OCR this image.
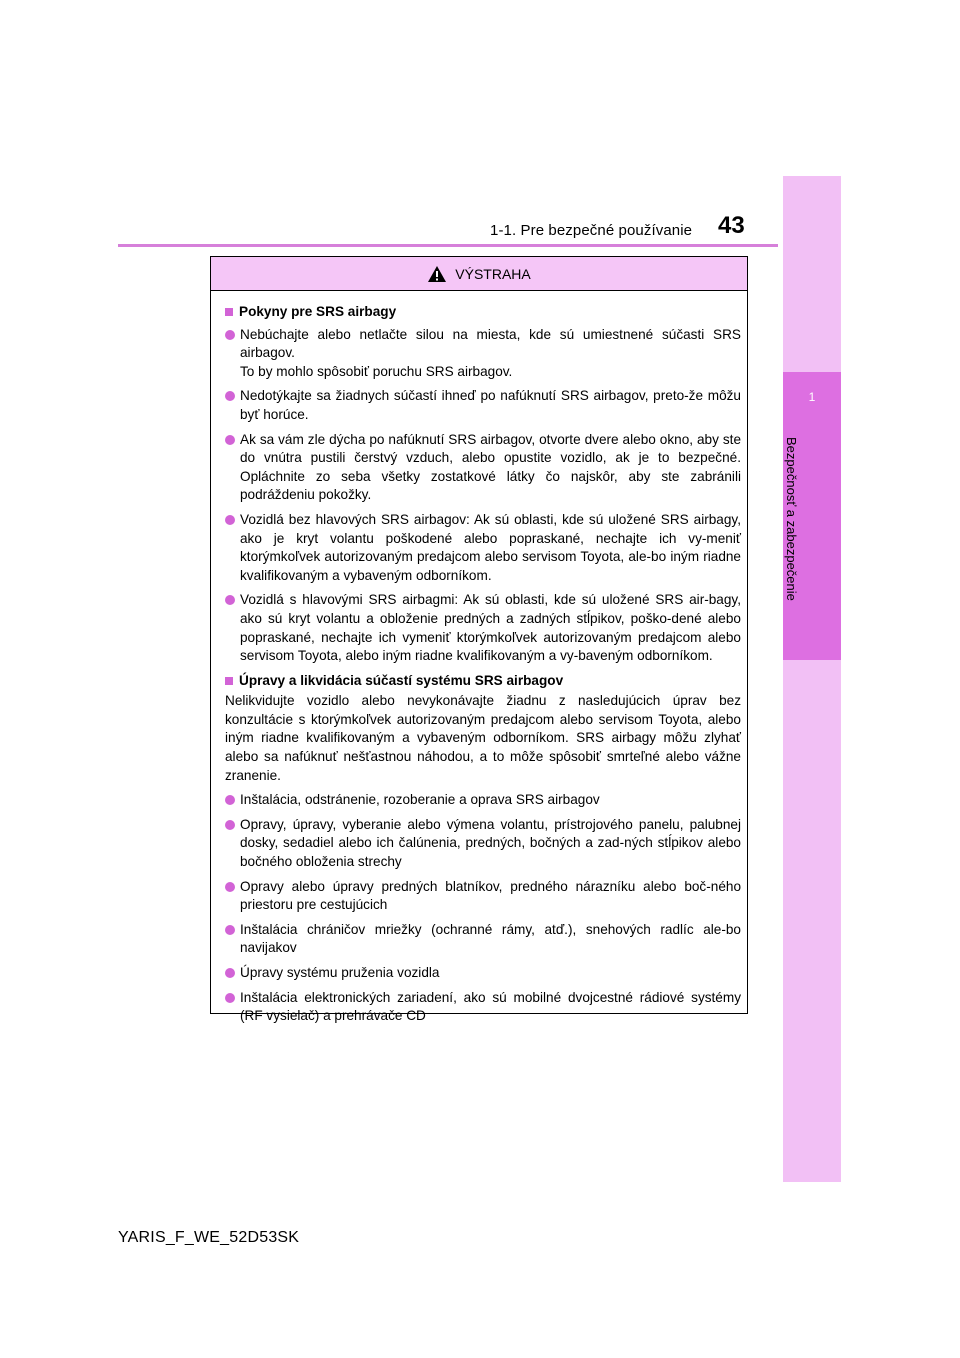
1-1. Pre bezpečné používanie 43
1
Bezpečnosť a zabezpečenie
VÝSTRAHA
Pokyny pre SRS airbagy
Nebúchajte alebo netlačte silou na miesta, kde sú umiestnené súčasti SRS airbagov.
To by mohlo spôsobiť poruchu SRS airbagov.
Nedotýkajte sa žiadnych súčastí ihneď po nafúknutí SRS airbagov, preto-že môžu byť horúce.
Ak sa vám zle dýcha po nafúknutí SRS airbagov, otvorte dvere alebo okno, aby ste do vnútra pustili čerstvý vzduch, alebo opustite vozidlo, ak je to bezpečné. Opláchnite zo seba všetky zostatkové látky čo najskôr, aby ste zabránili podráždeniu pokožky.
Vozidlá bez hlavových SRS airbagov: Ak sú oblasti, kde sú uložené SRS airbagy, ako je kryt volantu poškodené alebo popraskané, nechajte ich vy-meniť ktorýmkoľvek autorizovaným predajcom alebo servisom Toyota, ale-bo iným riadne kvalifikovaným a vybaveným odborníkom.
Vozidlá s hlavovými SRS airbagmi: Ak sú oblasti, kde sú uložené SRS air-bagy, ako sú kryt volantu a obloženie predných a zadných stĺpikov, poško-dené alebo popraskané, nechajte ich vymeniť ktorýmkoľvek autorizovaným predajcom alebo servisom Toyota, alebo iným riadne kvalifikovaným a vy-baveným odborníkom.
Úpravy a likvidácia súčastí systému SRS airbagov
Nelikvidujte vozidlo alebo nevykonávajte žiadnu z nasledujúcich úprav bez konzultácie s ktorýmkoľvek autorizovaným predajcom alebo servisom Toyota, alebo iným riadne kvalifikovaným a vybaveným odborníkom. SRS airbagy môžu zlyhať alebo sa nafúknuť nešťastnou náhodou, a to môže spôsobiť smrteľné alebo vážne zranenie.
Inštalácia, odstránenie, rozoberanie a oprava SRS airbagov
Opravy, úpravy, vyberanie alebo výmena volantu, prístrojového panelu, palubnej dosky, sedadiel alebo ich čalúnenia, predných, bočných a zad-ných stĺpikov alebo bočného obloženia strechy
Opravy alebo úpravy predných blatníkov, predného nárazníku alebo boč-ného priestoru pre cestujúcich
Inštalácia chráničov mriežky (ochranné rámy, atď.), snehových radlíc ale-bo navijakov
Úpravy systému pruženia vozidla
Inštalácia elektronických zariadení, ako sú mobilné dvojcestné rádiové systémy (RF vysielač) a prehrávače CD
YARIS_F_WE_52D53SK
